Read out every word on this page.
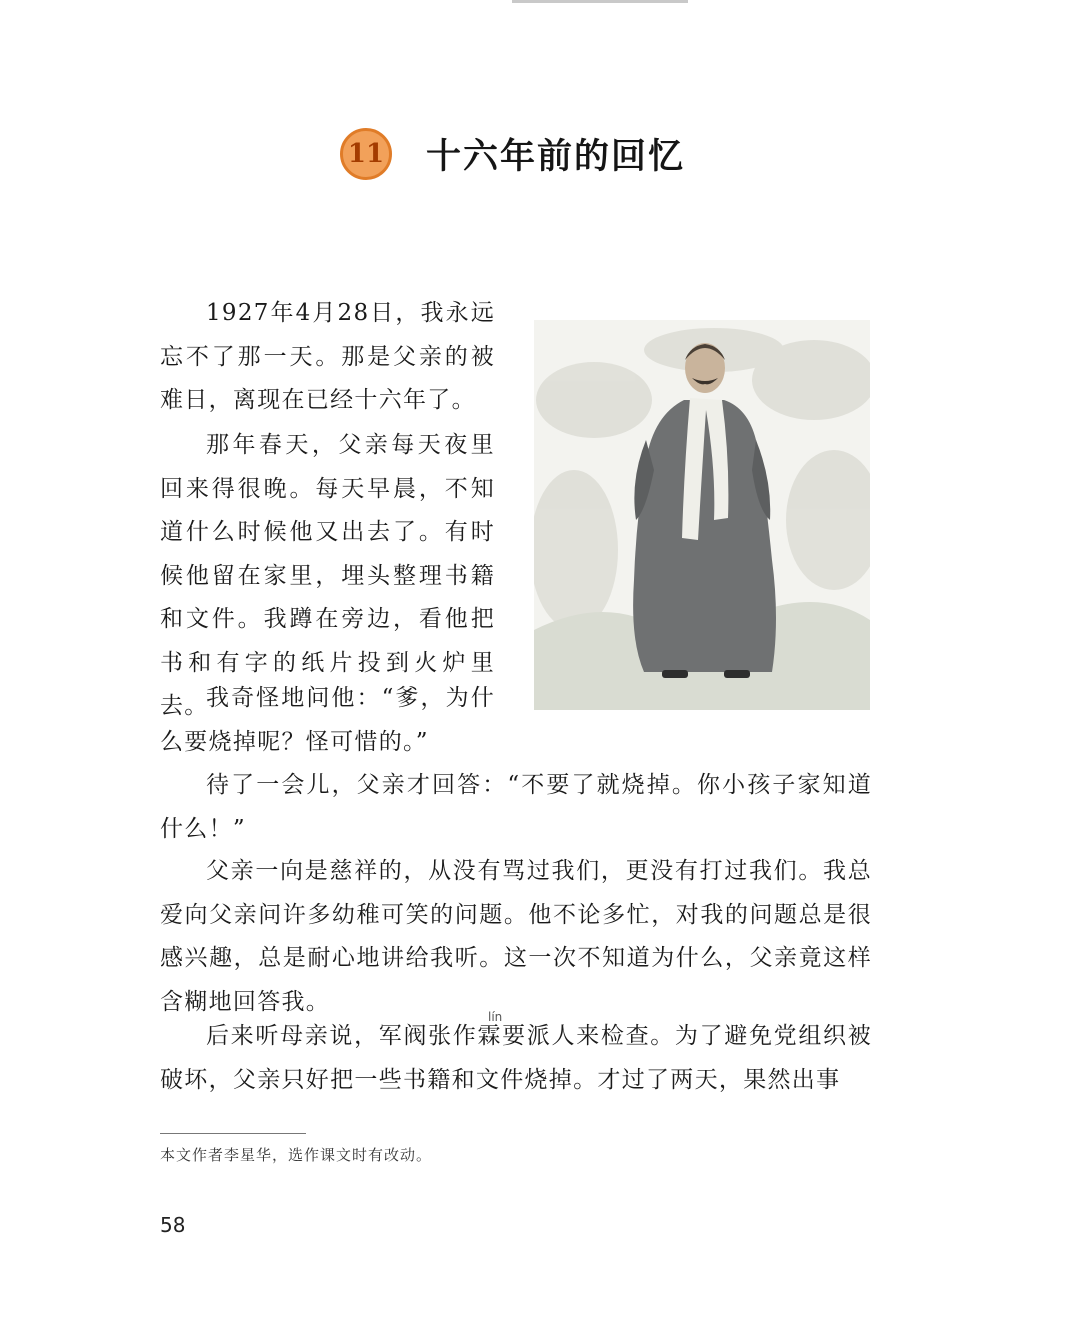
11 十六年前的回忆

1927年4月28日，我永远忘不了那一天。那是父亲的被难日，离现在已经十六年了。

那年春天，父亲每天夜里回来得很晚。每天早晨，不知道什么时候他又出去了。有时候他留在家里，埋头整理书籍和文件。我蹲在旁边，看他把书和有字的纸片投到火炉里去。

我奇怪地问他：“爹，为什么要烧掉呢？怪可惜的。”

待了一会儿，父亲才回答：“不要了就烧掉。你小孩子家知道什么！”

父亲一向是慈祥的，从没有骂过我们，更没有打过我们。我总爱向父亲问许多幼稚可笑的问题。他不论多忙，对我的问题总是很感兴趣，总是耐心地讲给我听。这一次不知道为什么，父亲竟这样含糊地回答我。

后来听母亲说，军阀张作霖要派人来检查。为了避免党组织被破坏，父亲只好把一些书籍和文件烧掉。才过了两天，果然出事

lín
本文作者李星华，选作课文时有改动。
58
